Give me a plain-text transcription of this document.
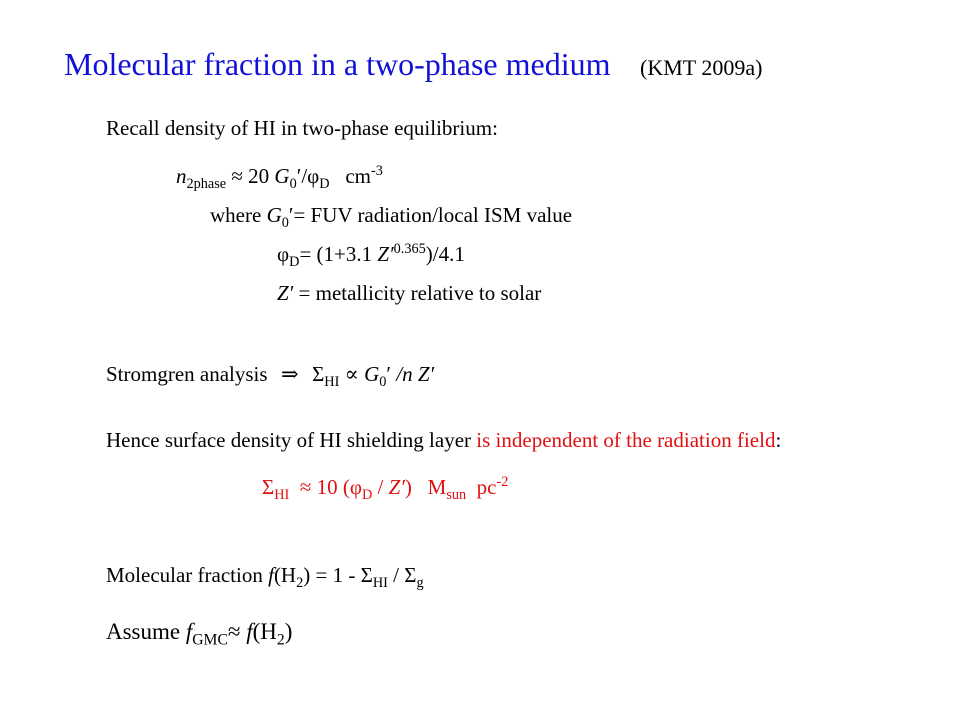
Molecular fraction in a two-phase medium (KMT 2009a)
Recall density of HI in two-phase equilibrium:
$n_{2phase} \approx 20$ $G_0'/\varphi_D$ $cm^{-3}$
where $G_0'=$ FUV radiation/local ISM value
$\varphi_D= (1+3.1$ $Z'^{0.365})/4.1$
Z′ = metallicity relative to solar
Stromgren analysis ⇒ $\Sigma_{HI} \propto G_0'$ /n Z′
Hence surface density of HI shielding layer is independent of the radiation field:
$\Sigma_{HI} \approx 10$ $(\varphi_D / Z')$ $M_{sun}$ $pc^{-2}$
Molecular fraction $f(H_2) = 1 - \Sigma_{HI} / \Sigma_g$
Assume $f_{GMC}\approx f(H_2)$
